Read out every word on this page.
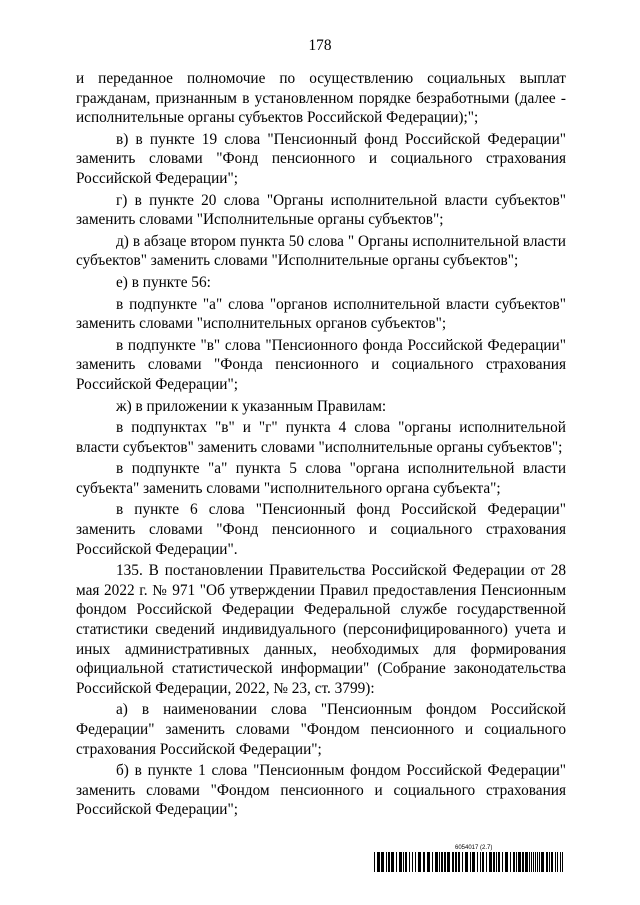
178

и переданное полномочие по осуществлению социальных выплат гражданам, признанным в установленном порядке безработными (далее - исполнительные органы субъектов Российской Федерации);";

в) в пункте 19 слова "Пенсионный фонд Российской Федерации" заменить словами "Фонд пенсионного и социального страхования Российской Федерации";

г) в пункте 20 слова "Органы исполнительной власти субъектов" заменить словами "Исполнительные органы субъектов";

д) в абзаце втором пункта 50 слова " Органы исполнительной власти субъектов" заменить словами "Исполнительные органы субъектов";

е) в пункте 56:

в подпункте "а" слова "органов исполнительной власти субъектов" заменить словами "исполнительных органов субъектов";

в подпункте "в" слова "Пенсионного фонда Российской Федерации" заменить словами "Фонда пенсионного и социального страхования Российской Федерации";

ж) в приложении к указанным Правилам:

в подпунктах "в" и "г" пункта 4 слова "органы исполнительной власти субъектов" заменить словами "исполнительные органы субъектов";

в подпункте "а" пункта 5 слова "органа исполнительной власти субъекта" заменить словами "исполнительного органа субъекта";

в пункте 6 слова "Пенсионный фонд Российской Федерации" заменить словами "Фонд пенсионного и социального страхования Российской Федерации".

135. В постановлении Правительства Российской Федерации от 28 мая 2022 г. № 971 "Об утверждении Правил предоставления Пенсионным фондом Российской Федерации Федеральной службе государственной статистики сведений индивидуального (персонифицированного) учета и иных административных данных, необходимых для формирования официальной статистической информации" (Собрание законодательства Российской Федерации, 2022, № 23, ст. 3799):

а) в наименовании слова "Пенсионным фондом Российской Федерации" заменить словами "Фондом пенсионного и социального страхования Российской Федерации";

б) в пункте 1 слова "Пенсионным фондом Российской Федерации" заменить словами "Фондом пенсионного и социального страхования Российской Федерации";

6054017 (2.7)
